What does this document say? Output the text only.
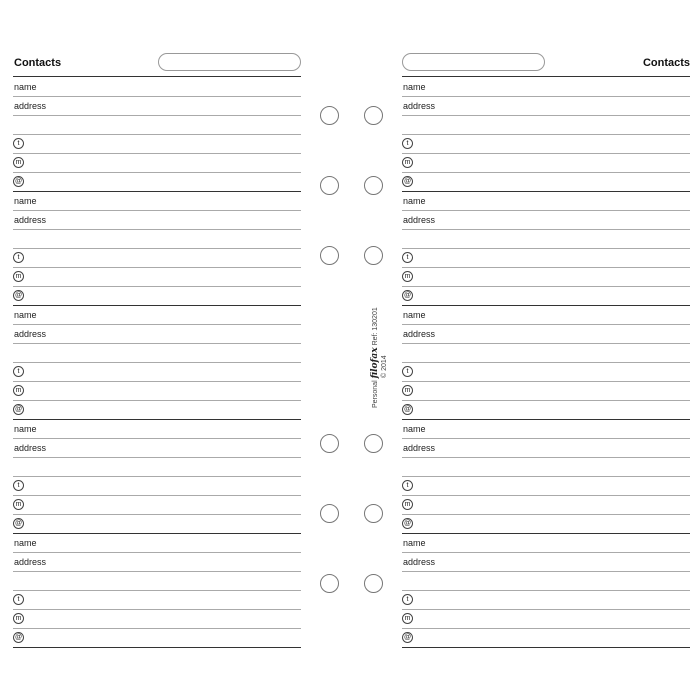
Contacts
name
address
t
m
@
name
address
t
m
@
name
address
t
m
@
name
address
t
m
@
name
address
t
m
@
Contacts
name
address
t
m
@
name
address
t
m
@
name
address
t
m
@
name
address
t
m
@
name
address
t
m
@
Personal filofax Ref: 130201
© 2014
